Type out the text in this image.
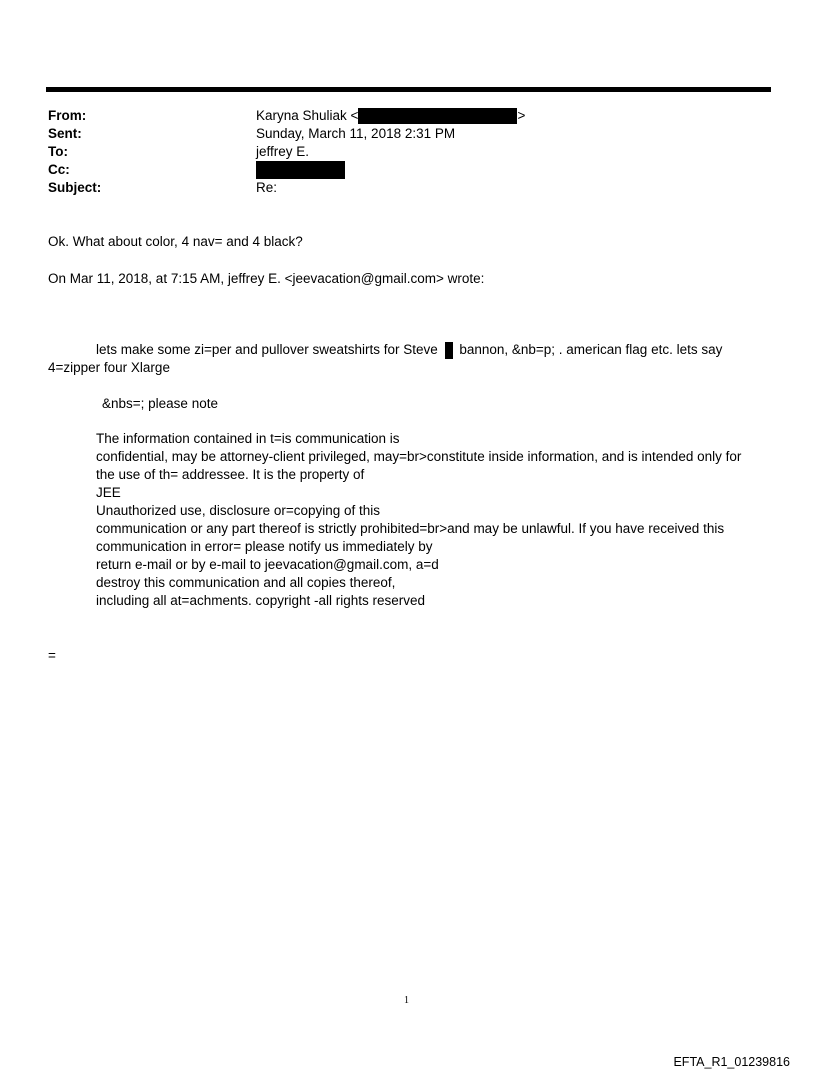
From:	Karyna Shuliak <	>
Sent:	Sunday, March 11, 2018 2:31 PM
To:	jeffrey E.
Cc:
Subject:	Re:
Ok. What about color, 4 nav= and 4 black?
On Mar 11, 2018, at 7:15 AM, jeffrey E. <jeevacation@gmail.com> wrote:
lets make some zi=per and pullover sweatshirts for Steve bannon, &nb=p; . american flag etc. lets say
4=zipper four Xlarge
&nbs=; please note
The information contained in t=is communication is
confidential, may be attorney-client privileged, may=br>constitute inside information, and is intended only for
the use of th= addressee. It is the property of
JEE
Unauthorized use, disclosure or=copying of this
communication or any part thereof is strictly prohibited=br>and may be unlawful. If you have received this
communication in error= please notify us immediately by
return e-mail or by e-mail to jeevacation@gmail.com, a=d
destroy this communication and all copies thereof,
including all at=achments. copyright -all rights reserved
=
1
EFTA_R1_01239816
